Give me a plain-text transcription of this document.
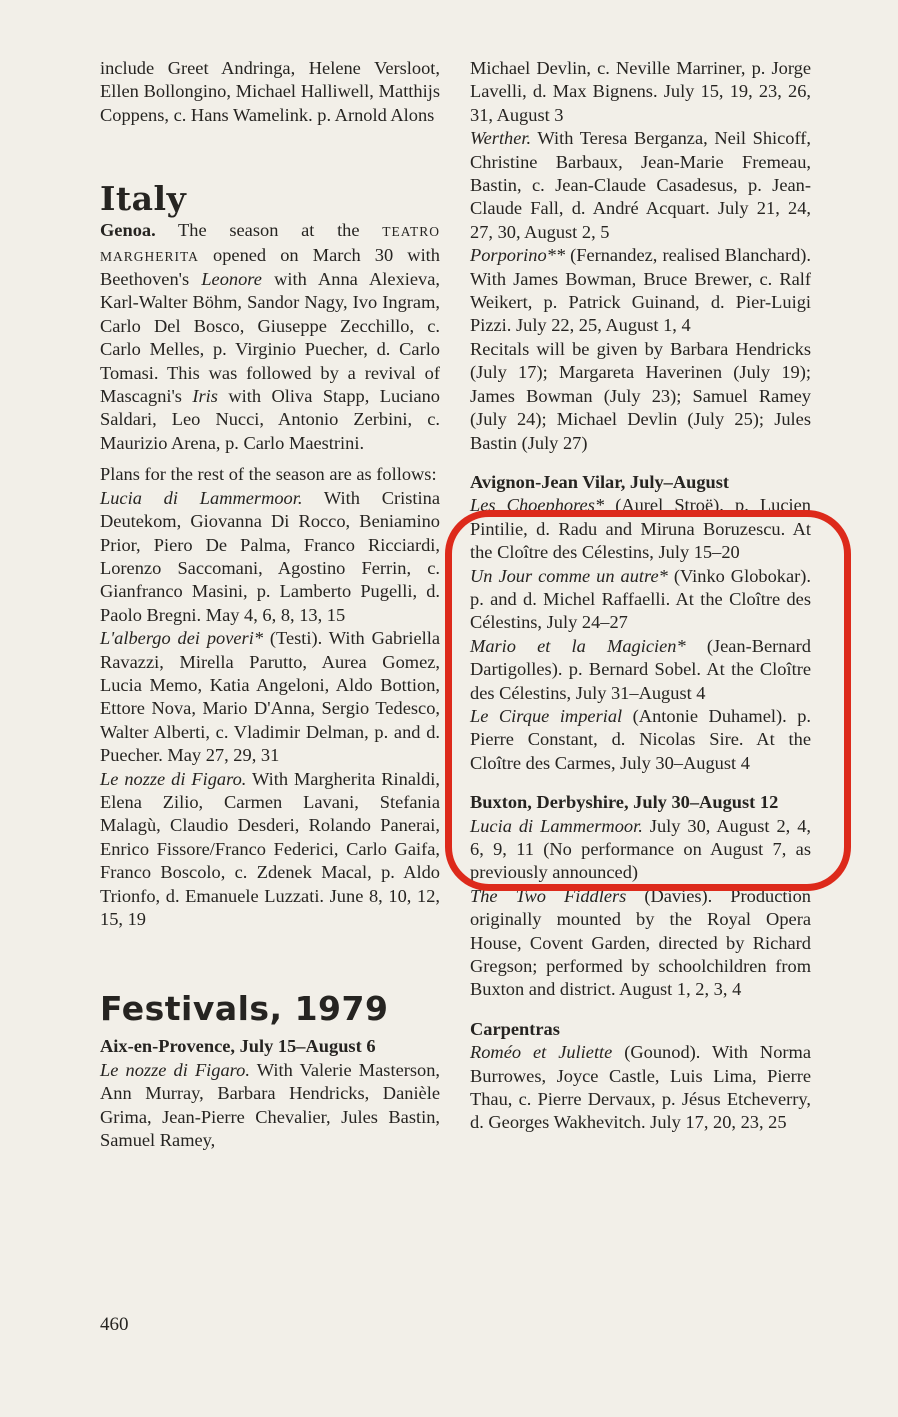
include Greet Andringa, Helene Versloot, Ellen Bollongino, Michael Halliwell, Matthijs Coppens, c. Hans Wamelink. p. Arnold Alons

Italy

Genoa. The season at the TEATRO MARGHERITA opened on March 30 with Beethoven's Leonore with Anna Alexieva, Karl-Walter Böhm, Sandor Nagy, Ivo Ingram, Carlo Del Bosco, Giuseppe Zecchillo, c. Carlo Melles, p. Virginio Puecher, d. Carlo Tomasi. This was followed by a revival of Mascagni's Iris with Oliva Stapp, Luciano Saldari, Leo Nucci, Antonio Zerbini, c. Maurizio Arena, p. Carlo Maestrini.

Plans for the rest of the season are as follows:

Lucia di Lammermoor. With Cristina Deutekom, Giovanna Di Rocco, Beniamino Prior, Piero De Palma, Franco Ricciardi, Lorenzo Saccomani, Agostino Ferrin, c. Gianfranco Masini, p. Lamberto Pugelli, d. Paolo Bregni. May 4, 6, 8, 13, 15

L'albergo dei poveri* (Testi). With Gabriella Ravazzi, Mirella Parutto, Aurea Gomez, Lucia Memo, Katia Angeloni, Aldo Bottion, Ettore Nova, Mario D'Anna, Sergio Tedesco, Walter Alberti, c. Vladimir Delman, p. and d. Puecher. May 27, 29, 31

Le nozze di Figaro. With Margherita Rinaldi, Elena Zilio, Carmen Lavani, Stefania Malagù, Claudio Desderi, Rolando Panerai, Enrico Fissore/Franco Federici, Carlo Gaifa, Franco Boscolo, c. Zdenek Macal, p. Aldo Trionfo, d. Emanuele Luzzati. June 8, 10, 12, 15, 19

Festivals, 1979

Aix-en-Provence, July 15–August 6
Le nozze di Figaro. With Valerie Masterson, Ann Murray, Barbara Hendricks, Danièle Grima, Jean-Pierre Chevalier, Jules Bastin, Samuel Ramey,

Michael Devlin, c. Neville Marriner, p. Jorge Lavelli, d. Max Bignens. July 15, 19, 23, 26, 31, August 3

Werther. With Teresa Berganza, Neil Shicoff, Christine Barbaux, Jean-Marie Fremeau, Bastin, c. Jean-Claude Casadesus, p. Jean-Claude Fall, d. André Acquart. July 21, 24, 27, 30, August 2, 5

Porporino** (Fernandez, realised Blanchard). With James Bowman, Bruce Brewer, c. Ralf Weikert, p. Patrick Guinand, d. Pier-Luigi Pizzi. July 22, 25, August 1, 4

Recitals will be given by Barbara Hendricks (July 17); Margareta Haverinen (July 19); James Bowman (July 23); Samuel Ramey (July 24); Michael Devlin (July 25); Jules Bastin (July 27)

Avignon-Jean Vilar, July–August

Les Choephores* (Aurel Stroë). p. Lucien Pintilie, d. Radu and Miruna Boruzescu. At the Cloître des Célestins, July 15–20

Un Jour comme un autre* (Vinko Globokar). p. and d. Michel Raffaelli. At the Cloître des Célestins, July 24–27

Mario et la Magicien* (Jean-Bernard Dartigolles). p. Bernard Sobel. At the Cloître des Célestins, July 31–August 4

Le Cirque imperial (Antonie Duhamel). p. Pierre Constant, d. Nicolas Sire. At the Cloître des Carmes, July 30–August 4

Buxton, Derbyshire, July 30–August 12

Lucia di Lammermoor. July 30, August 2, 4, 6, 9, 11 (No performance on August 7, as previously announced)

The Two Fiddlers (Davies). Production originally mounted by the Royal Opera House, Covent Garden, directed by Richard Gregson; performed by schoolchildren from Buxton and district. August 1, 2, 3, 4

Carpentras

Roméo et Juliette (Gounod). With Norma Burrowes, Joyce Castle, Luis Lima, Pierre Thau, c. Pierre Dervaux, p. Jésus Etcheverry, d. Georges Wakhevitch. July 17, 20, 23, 25

460
